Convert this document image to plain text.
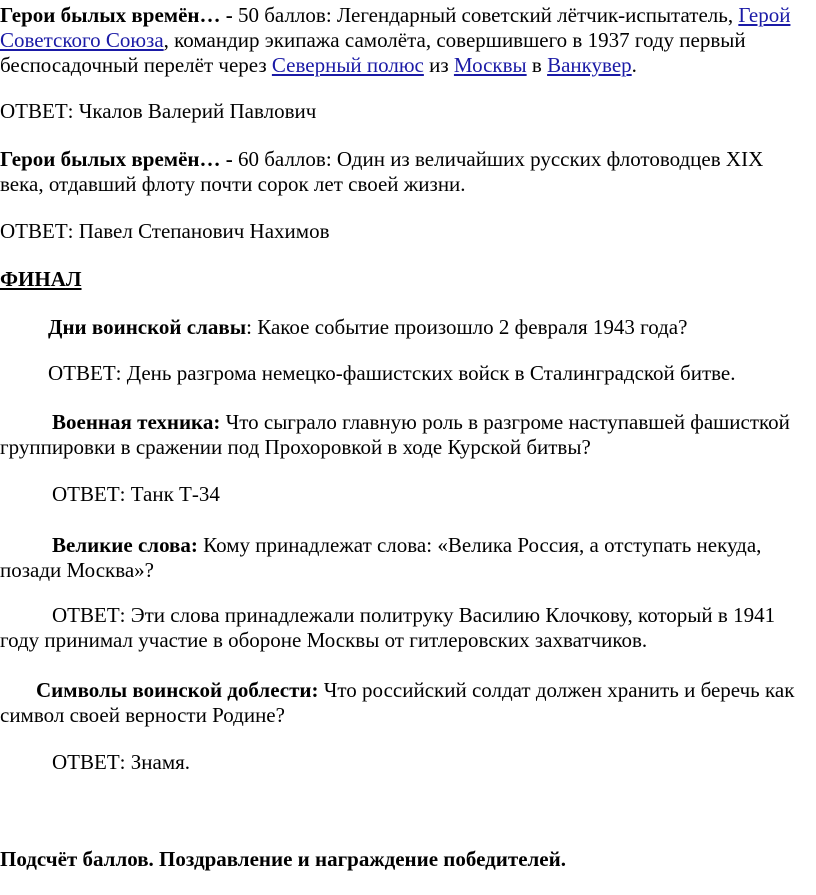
Герои былых времён… - 50 баллов: Легендарный советский лётчик-испытатель, Герой Советского Союза, командир экипажа самолёта, совершившего в 1937 году первый беспосадочный перелёт через Северный полюс из Москвы в Ванкувер.

ОТВЕТ: Чкалов Валерий Павлович

Герои былых времён… - 60 баллов: Один из величайших русских флотоводцев XIX века, отдавший флоту почти сорок лет своей жизни.

ОТВЕТ: Павел Степанович Нахимов

ФИНАЛ

Дни воинской славы: Какое событие произошло 2 февраля 1943 года?

ОТВЕТ: День разгрома немецко-фашистских войск в Сталинградской битве.

Военная техника: Что сыграло главную роль в разгроме наступавшей фашисткой группировки в сражении под Прохоровкой в ходе Курской битвы?

ОТВЕТ: Танк Т-34

Великие слова: Кому принадлежат слова: «Велика Россия, а отступать некуда, позади Москва»?

ОТВЕТ: Эти слова принадлежали политруку Василию Клочкову, который в 1941 году принимал участие в обороне Москвы от гитлеровских захватчиков.

Символы воинской доблести: Что российский солдат должен хранить и беречь как символ своей верности Родине?

ОТВЕТ: Знамя.

Подсчёт баллов. Поздравление и награждение победителей.
